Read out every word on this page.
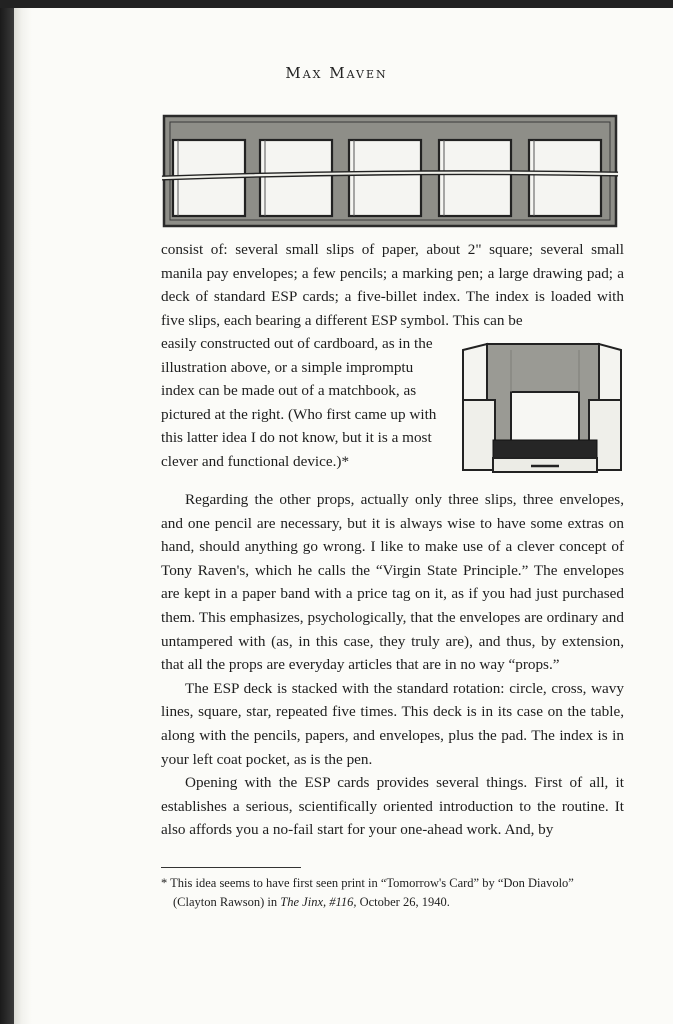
Max Maven

consist of: several small slips of paper, about 2" square; several small manila pay envelopes; a few pencils; a marking pen; a large drawing pad; a deck of standard ESP cards; a five-billet index. The index is loaded with five slips, each bearing a different ESP symbol. This can be

easily constructed out of cardboard, as in the illustration above, or a simple impromptu index can be made out of a matchbook, as pictured at the right. (Who first came up with this latter idea I do not know, but it is a most clever and functional device.)*

Regarding the other props, actually only three slips, three envelopes, and one pencil are necessary, but it is always wise to have some extras on hand, should anything go wrong. I like to make use of a clever concept of Tony Raven's, which he calls the “Virgin State Principle.” The envelopes are kept in a paper band with a price tag on it, as if you had just purchased them. This emphasizes, psychologically, that the envelopes are ordinary and untampered with (as, in this case, they truly are), and thus, by extension, that all the props are everyday articles that are in no way “props.”

The ESP deck is stacked with the standard rotation: circle, cross, wavy lines, square, star, repeated five times. This deck is in its case on the table, along with the pencils, papers, and envelopes, plus the pad. The index is in your left coat pocket, as is the pen.

Opening with the ESP cards provides several things. First of all, it establishes a serious, scientifically oriented introduction to the routine. It also affords you a no-fail start for your one-ahead work. And, by

* This idea seems to have first seen print in “Tomorrow's Card” by “Don Diavolo”
(Clayton Rawson) in The Jinx, #116, October 26, 1940.
